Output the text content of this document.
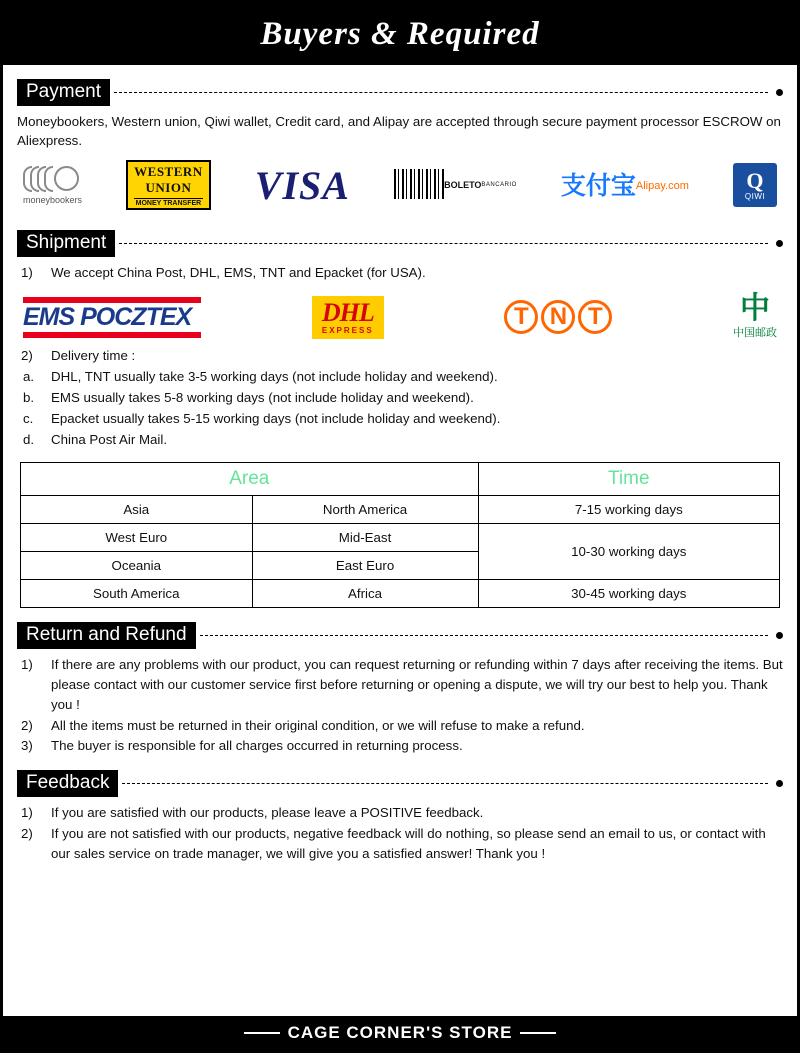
Buyers & Required
Payment
Moneybookers, Western union, Qiwi wallet, Credit card, and Alipay are accepted through secure payment processor ESCROW on Aliexpress.
moneybookers
WESTERN
UNION
MONEY TRANSFER VISA	BOLETO BANCARIO 支付宝 Alipay.com	Q
QIWI
Shipment
1)	We accept China Post, DHL, EMS, TNT and Epacket (for USA).
EMS POCZTEX	DHL
EXPRESS	T N T	中
中国邮政
2)	Delivery time :
a.	DHL, TNT usually take 3-5 working days (not include holiday and weekend).
b.	EMS usually takes 5-8 working days (not include holiday and weekend).
c.	Epacket usually takes 5-15 working days (not include holiday and weekend).
d.	China Post Air Mail.
Area		Time
Asia	North America	7-15 working days
West Euro	Mid-East	10-30 working days
Oceania	East Euro	
South America	Africa	30-45 working days
Return and Refund
1)	If there are any problems with our product, you can request returning or refunding within 7 days after receiving the items. But please contact with our customer service first before returning or opening a dispute, we will try our best to help you. Thank you !
2)	All the items must be returned in their original condition, or we will refuse to make a refund.
3)	The buyer is responsible for all charges occurred in returning process.
Feedback
1)	If you are satisfied with our products, please leave a POSITIVE feedback.
2)	If you are not satisfied with our products, negative feedback will do nothing, so please send an email to us, or contact with our sales service on trade manager, we will give you a satisfied answer! Thank you !
CAGE CORNER'S STORE
